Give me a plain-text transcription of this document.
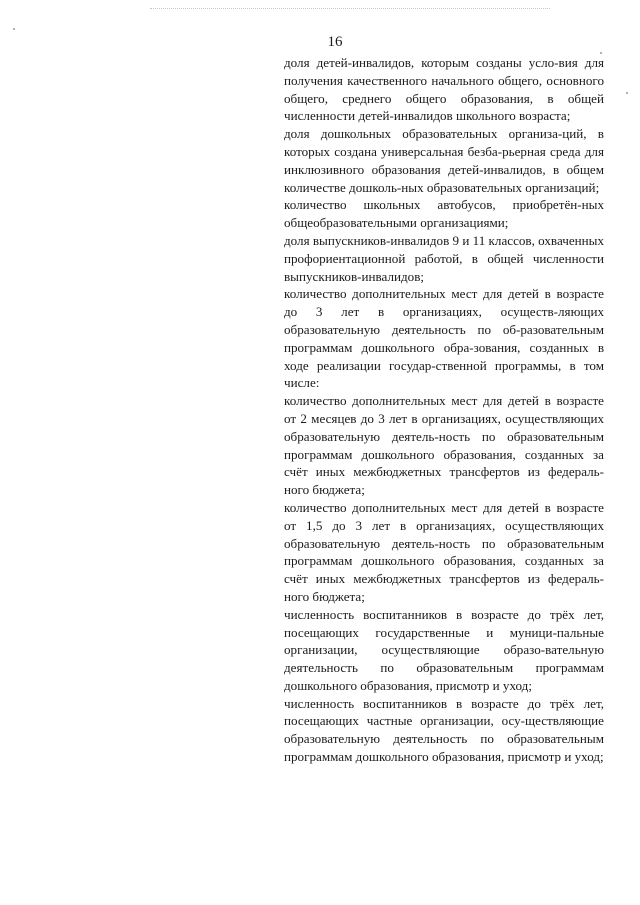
16

доля детей-инвалидов, которым созданы усло-вия для получения качественного начального общего, основного общего, среднего общего образования, в общей численности детей-инвалидов школьного возраста;

доля дошкольных образовательных организа-ций, в которых создана универсальная безба-рьерная среда для инклюзивного образования детей-инвалидов, в общем количестве дошколь-ных образовательных организаций;

количество школьных автобусов, приобретён-ных общеобразовательными организациями;

доля выпускников-инвалидов 9 и 11 классов, охваченных профориентационной работой, в общей численности выпускников-инвалидов;

количество дополнительных мест для детей в возрасте до 3 лет в организациях, осуществ-ляющих образовательную деятельность по об-разовательным программам дошкольного обра-зования, созданных в ходе реализации государ-ственной программы, в том числе:

количество дополнительных мест для детей в возрасте от 2 месяцев до 3 лет в организациях, осуществляющих образовательную деятель-ность по образовательным программам дошкольного образования, созданных за счёт иных межбюджетных трансфертов из федераль-ного бюджета;

количество дополнительных мест для детей в возрасте от 1,5 до 3 лет в организациях, осуществляющих образовательную деятель-ность по образовательным программам дошкольного образования, созданных за счёт иных межбюджетных трансфертов из федераль-ного бюджета;

численность воспитанников в возрасте до трёх лет, посещающих государственные и муници-пальные организации, осуществляющие образо-вательную деятельность по образовательным программам дошкольного образования, присмотр и уход;

численность воспитанников в возрасте до трёх лет, посещающих частные организации, осу-ществляющие образовательную деятельность по образовательным программам дошкольного образования, присмотр и уход;
